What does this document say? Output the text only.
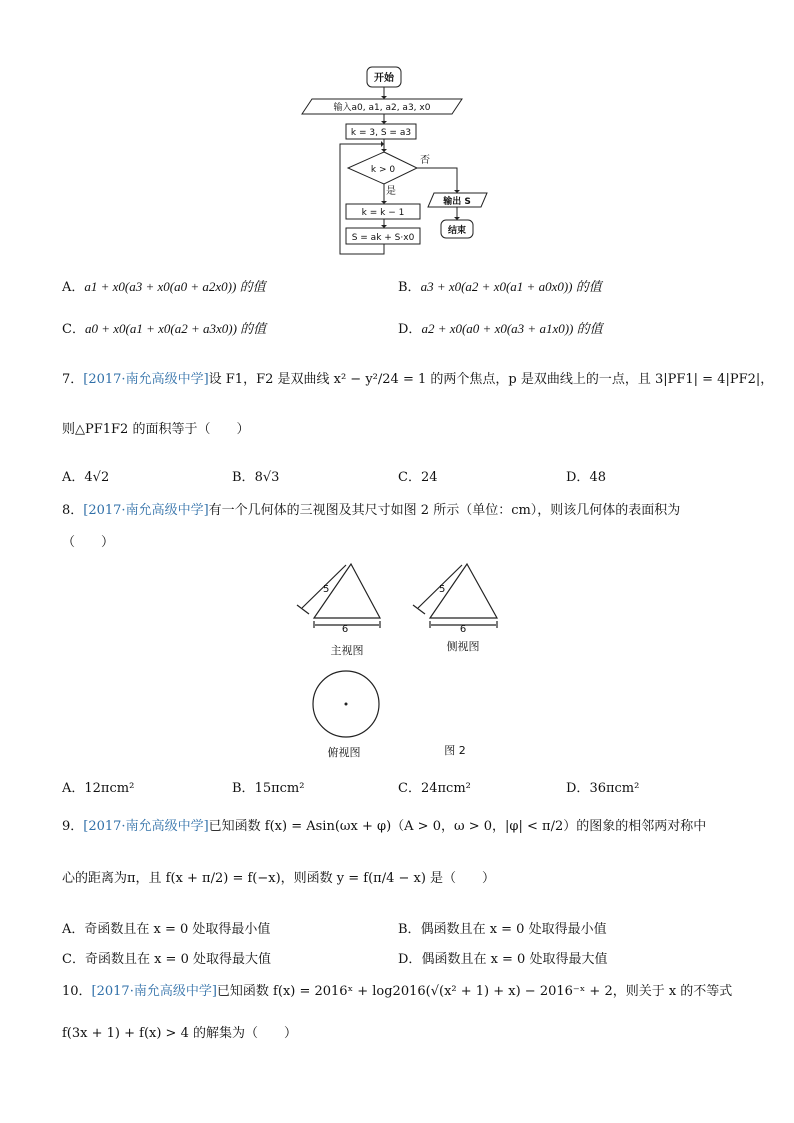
开始
输入a0, a1, a2, a3, x0
k = 3, S = a3
k > 0
否
是
输出 S
结束
k = k − 1
S = ak + S·x0
A．a1 + x0(a3 + x0(a0 + a2x0)) 的值	B．a3 + x0(a2 + x0(a1 + a0x0)) 的值
C．a0 + x0(a1 + x0(a2 + a3x0)) 的值	D．a2 + x0(a0 + x0(a3 + a1x0)) 的值
7．[2017·南允高级中学]设 F1，F2 是双曲线 x² − y²/24 = 1 的两个焦点，p 是双曲线上的一点，且 3|PF1| = 4|PF2|，
则△PF1F2 的面积等于（　　）
A．4√2	B．8√3	C．24	D．48
8．[2017·南允高级中学]有一个几何体的三视图及其尺寸如图 2 所示（单位：cm），则该几何体的表面积为
（　　）
5
6
5
6
主视图	侧视图
俯视图	图 2
A．12πcm²	B．15πcm²	C．24πcm²	D．36πcm²
9．[2017·南允高级中学]已知函数 f(x) = Asin(ωx + φ)（A > 0，ω > 0，|φ| < π/2）的图象的相邻两对称中
心的距离为π，且 f(x + π/2) = f(−x)，则函数 y = f(π/4 − x) 是（　　）
A．奇函数且在 x = 0 处取得最小值	B．偶函数且在 x = 0 处取得最小值
C．奇函数且在 x = 0 处取得最大值	D．偶函数且在 x = 0 处取得最大值
10．[2017·南允高级中学]已知函数 f(x) = 2016ˣ + log2016(√(x² + 1) + x) − 2016⁻ˣ + 2，则关于 x 的不等式
f(3x + 1) + f(x) > 4 的解集为（　　）
